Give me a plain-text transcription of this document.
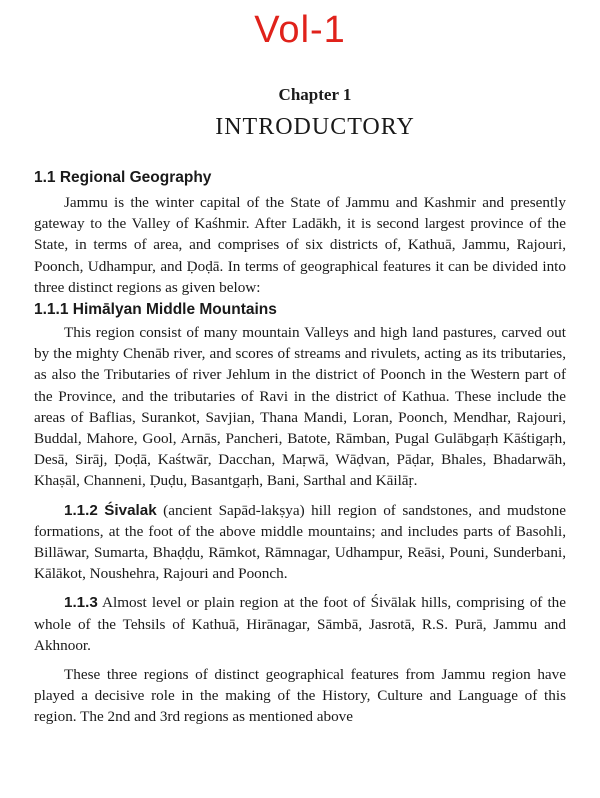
Vol-1
Chapter 1
INTRODUCTORY
1.1 Regional Geography

Jammu is the winter capital of the State of Jammu and Kashmir and presently gateway to the Valley of Kaśhmir. After Ladākh, it is second largest province of the State, in terms of area, and comprises of six districts of, Kathuā, Jammu, Rajouri, Poonch, Udhampur, and Ḍoḍā. In terms of geographical features it can be divided into three distinct regions as given below:

1.1.1 Himālyan Middle Mountains

This region consist of many mountain Valleys and high land pastures, carved out by the mighty Chenāb river, and scores of streams and rivulets, acting as its tributaries, as also the Tributaries of river Jehlum in the district of Poonch in the Western part of the Province, and the tributaries of Ravi in the district of Kathua. These include the areas of Baflias, Surankot, Savjian, Thana Mandi, Loran, Poonch, Mendhar, Rajouri, Buddal, Mahore, Gool, Arnās, Pancheri, Batote, Rāmban, Pugal Gulābgaṛh Kāśtigaṛh, Desā, Sirāj, Ḍoḍā, Kaśtwār, Dacchan, Maṛwā, Wāḍvan, Pāḍar, Bhales, Bhadarwāh, Khaṣāl, Channeni, Ḍuḍu, Basantgaṛh, Bani, Sarthal and Kāilāṛ.

1.1.2 Śivalak (ancient Sapād-lakṣya) hill region of sandstones, and mudstone formations, at the foot of the above middle mountains; and includes parts of Basohli, Billāwar, Sumarta, Bhaḍḍu, Rāmkot, Rāmnagar, Udhampur, Reāsi, Pouni, Sunderbani, Kālākot, Noushehra, Rajouri and Poonch.

1.1.3 Almost level or plain region at the foot of Śivālak hills, comprising of the whole of the Tehsils of Kathuā, Hirānagar, Sāmbā, Jasrotā, R.S. Purā, Jammu and Akhnoor.

These three regions of distinct geographical features from Jammu region have played a decisive role in the making of the History, Culture and Language of this region. The 2nd and 3rd regions as mentioned above
